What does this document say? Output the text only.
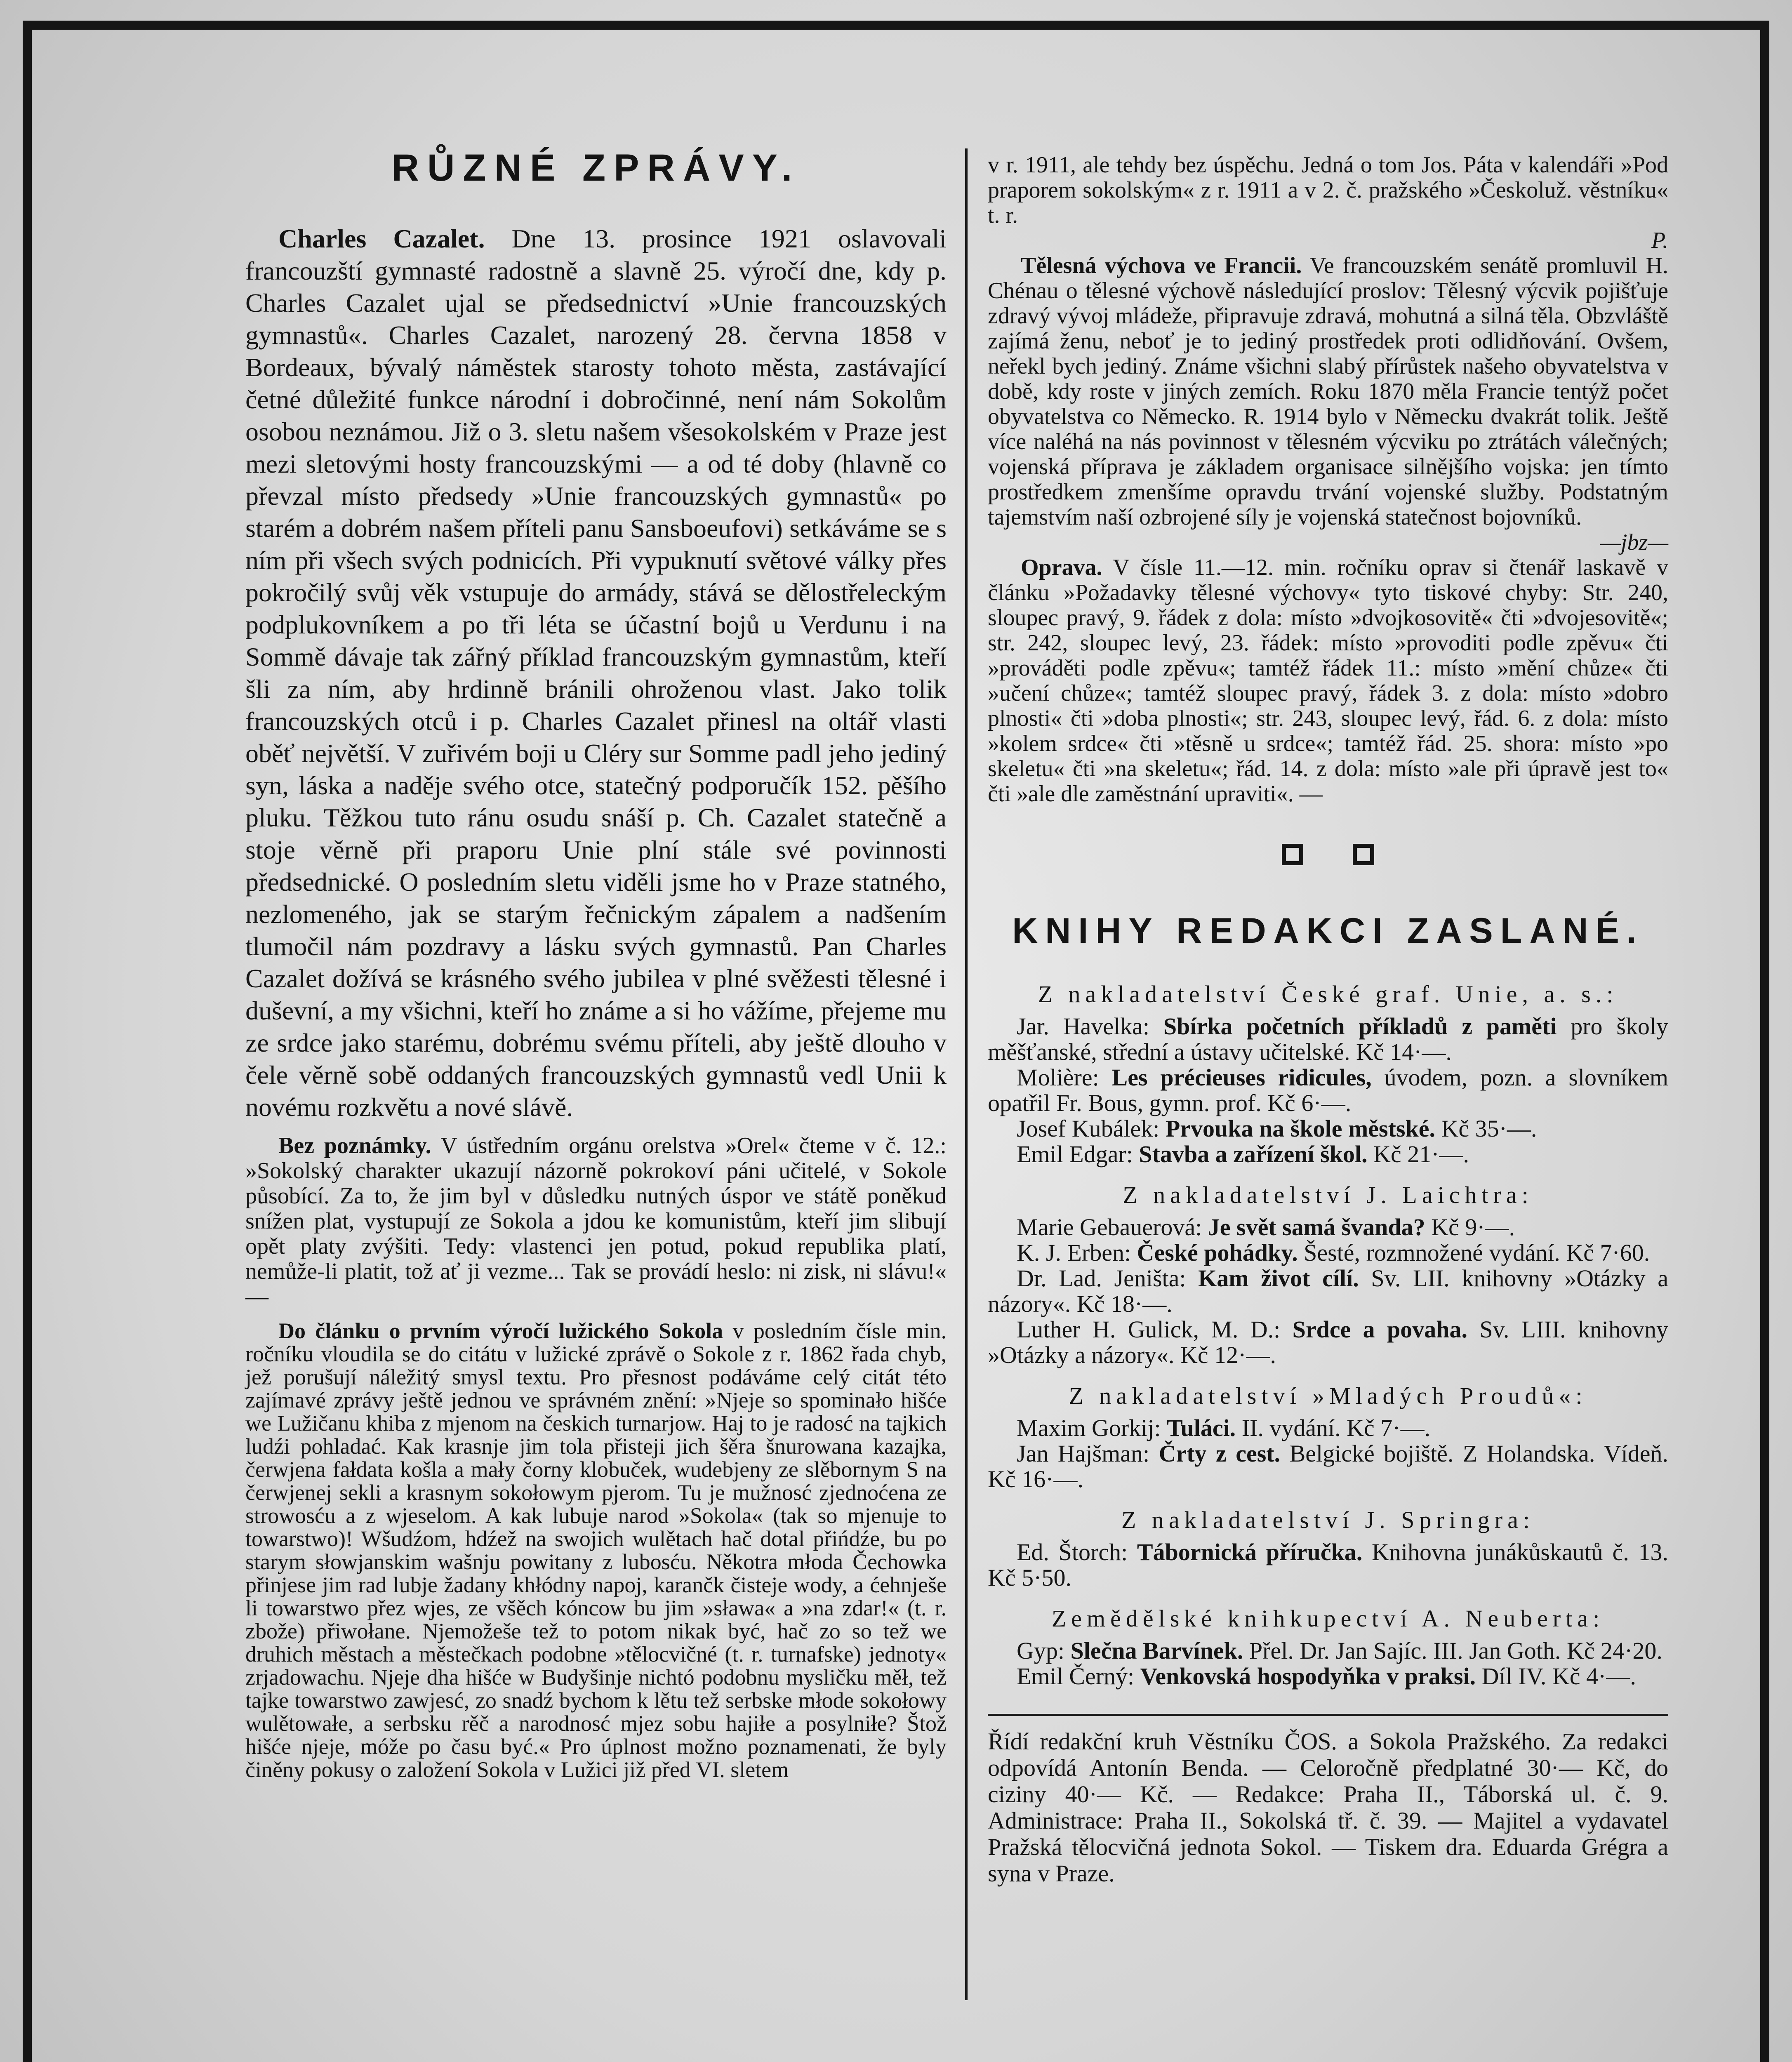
RŮZNÉ ZPRÁVY.

Charles Cazalet. Dne 13. prosince 1921 oslavovali francouzští gymnasté radostně a slavně 25. výročí dne, kdy p. Charles Cazalet ujal se předsednictví »Unie francouzských gymnastů«. Charles Cazalet, narozený 28. června 1858 v Bordeaux, bývalý náměstek starosty tohoto města, zastávající četné důležité funkce národní i dobročinné, není nám Sokolům osobou neznámou. Již o 3. sletu našem všesokolském v Praze jest mezi sletovými hosty francouzskými — a od té doby (hlavně co převzal místo předsedy »Unie francouzských gymnastů« po starém a dobrém našem příteli panu Sansboeufovi) setkáváme se s ním při všech svých podnicích. Při vypuknutí světové války přes pokročilý svůj věk vstupuje do armády, stává se dělostřeleckým podplukovníkem a po tři léta se účastní bojů u Verdunu i na Sommě dávaje tak zářný příklad francouzským gymnastům, kteří šli za ním, aby hrdinně bránili ohroženou vlast. Jako tolik francouzských otců i p. Charles Cazalet přinesl na oltář vlasti oběť největší. V zuřivém boji u Cléry sur Somme padl jeho jediný syn, láska a naděje svého otce, statečný podporučík 152. pěšího pluku. Těžkou tuto ránu osudu snáší p. Ch. Cazalet statečně a stoje věrně při praporu Unie plní stále své povinnosti předsednické. O posledním sletu viděli jsme ho v Praze statného, nezlomeného, jak se starým řečnickým zápalem a nadšením tlumočil nám pozdravy a lásku svých gymnastů. Pan Charles Cazalet dožívá se krásného svého jubilea v plné svěžesti tělesné i duševní, a my všichni, kteří ho známe a si ho vážíme, přejeme mu ze srdce jako starému, dobrému svému příteli, aby ještě dlouho v čele věrně sobě oddaných francouzských gymnastů vedl Unii k novému rozkvětu a nové slávě.

Bez poznámky. V ústředním orgánu orelstva »Orel« čteme v č. 12.: »Sokolský charakter ukazují názorně pokrokoví páni učitelé, v Sokole působící. Za to, že jim byl v důsledku nutných úspor ve státě poněkud snížen plat, vystupují ze Sokola a jdou ke komunistům, kteří jim slibují opět platy zvýšiti. Tedy: vlastenci jen potud, pokud republika platí, nemůže-li platit, tož ať ji vezme... Tak se provádí heslo: ni zisk, ni slávu!« —

Do článku o prvním výročí lužického Sokola v posledním čísle min. ročníku vloudila se do citátu v lužické zprávě o Sokole z r. 1862 řada chyb, jež porušují náležitý smysl textu. Pro přesnost podáváme celý citát této zajímavé zprávy ještě jednou ve správném znění: »Njeje so spominało hišće we Lužičanu khiba z mjenom na českich turnarjow. Haj to je radosć na tajkich ludźi pohladać. Kak krasnje jim tola přisteji jich šěra šnurowana kazajka, čerwjena fałdata košla a mały čorny klobuček, wudebjeny ze slěbornym S na čerwjenej sekli a krasnym sokołowym pjerom. Tu je mužnosć zjednoćena ze strowosću a z wjeselom. A kak lubuje narod »Sokola« (tak so mjenuje to towarstwo)! Wšudźom, hdźež na swojich wulětach hač dotal přińdźe, bu po starym słowjanskim wašnju powitany z lubosću. Někotra młoda Čechowka přinjese jim rad lubje žadany khłódny napoj, karančk čisteje wody, a ćehnješe li towarstwo přez wjes, ze všěch kóncow bu jim »sława« a »na zdar!« (t. r. zbože) přiwołane. Njemožeše tež to potom nikak być, hač zo so tež we druhich městach a městečkach podobne »tělocvičné (t. r. turnafske) jednoty« zrjadowachu. Njeje dha hišće w Budyšinje nichtó podobnu mysličku měł, tež tajke towarstwo zawjesć, zo snadź bychom k lětu tež serbske młode sokołowy wulětowałe, a serbsku rěč a narodnosć mjez sobu hajiłe a posylniłe? Štož hišće njeje, móže po času być.« Pro úplnost možno poznamenati, že byly činěny pokusy o založení Sokola v Lužici již před VI. sletem

v r. 1911, ale tehdy bez úspěchu. Jedná o tom Jos. Páta v kalendáři »Pod praporem sokolským« z r. 1911 a v 2. č. pražského »Českoluž. věstníku« t. r.

P.

Tělesná výchova ve Francii. Ve francouzském senátě promluvil H. Chénau o tělesné výchově následující proslov: Tělesný výcvik pojišťuje zdravý vývoj mládeže, připravuje zdravá, mohutná a silná těla. Obzvláště zajímá ženu, neboť je to jediný prostředek proti odlidňování. Ovšem, neřekl bych jediný. Známe všichni slabý přírůstek našeho obyvatelstva v době, kdy roste v jiných zemích. Roku 1870 měla Francie tentýž počet obyvatelstva co Německo. R. 1914 bylo v Německu dvakrát tolik. Ještě více naléhá na nás povinnost v tělesném výcviku po ztrátách válečných; vojenská příprava je základem organisace silnějšího vojska: jen tímto prostředkem zmenšíme opravdu trvání vojenské služby. Podstatným tajemstvím naší ozbrojené síly je vojenská statečnost bojovníků.

—jbz—

Oprava. V čísle 11.—12. min. ročníku oprav si čtenář laskavě v článku »Požadavky tělesné výchovy« tyto tiskové chyby: Str. 240, sloupec pravý, 9. řádek z dola: místo »dvojkosovitě« čti »dvojesovitě«; str. 242, sloupec levý, 23. řádek: místo »provoditi podle zpěvu« čti »prováděti podle zpěvu«; tamtéž řádek 11.: místo »mění chůze« čti »učení chůze«; tamtéž sloupec pravý, řádek 3. z dola: místo »dobro plnosti« čti »doba plnosti«; str. 243, sloupec levý, řád. 6. z dola: místo »kolem srdce« čti »těsně u srdce«; tamtéž řád. 25. shora: místo »po skeletu« čti »na skeletu«; řád. 14. z dola: místo »ale při úpravě jest to« čti »ale dle zaměstnání upraviti«. —

KNIHY REDAKCI ZASLANÉ.
Z nakladatelství České graf. Unie, a. s.:

Jar. Havelka: Sbírka početních příkladů z paměti pro školy měšťanské, střední a ústavy učitelské. Kč 14·—.

Molière: Les précieuses ridicules, úvodem, pozn. a slovníkem opatřil Fr. Bous, gymn. prof. Kč 6·—.

Josef Kubálek: Prvouka na škole městské. Kč 35·—.

Emil Edgar: Stavba a zařízení škol. Kč 21·—.

Z nakladatelství J. Laichtra:

Marie Gebauerová: Je svět samá švanda? Kč 9·—.

K. J. Erben: České pohádky. Šesté, rozmnožené vydání. Kč 7·60.

Dr. Lad. Jeništa: Kam život cílí. Sv. LII. knihovny »Otázky a názory«. Kč 18·—.

Luther H. Gulick, M. D.: Srdce a povaha. Sv. LIII. knihovny »Otázky a názory«. Kč 12·—.

Z nakladatelství »Mladých Proudů«:

Maxim Gorkij: Tuláci. II. vydání. Kč 7·—.

Jan Hajšman: Črty z cest. Belgické bojiště. Z Holandska. Vídeň. Kč 16·—.

Z nakladatelství J. Springra:

Ed. Štorch: Tábornická příručka. Knihovna junákůskautů č. 13. Kč 5·50.

Zemědělské knihkupectví A. Neuberta:

Gyp: Slečna Barvínek. Přel. Dr. Jan Sajíc. III. Jan Goth. Kč 24·20.

Emil Černý: Venkovská hospodyňka v praksi. Díl IV. Kč 4·—.

Řídí redakční kruh Věstníku ČOS. a Sokola Pražského. Za redakci odpovídá Antonín Benda. — Celoročně předplatné 30·— Kč, do ciziny 40·— Kč. — Redakce: Praha II., Táborská ul. č. 9. Administrace: Praha II., Sokolská tř. č. 39. — Majitel a vydavatel Pražská tělocvičná jednota Sokol. — Tiskem dra. Eduarda Grégra a syna v Praze.
